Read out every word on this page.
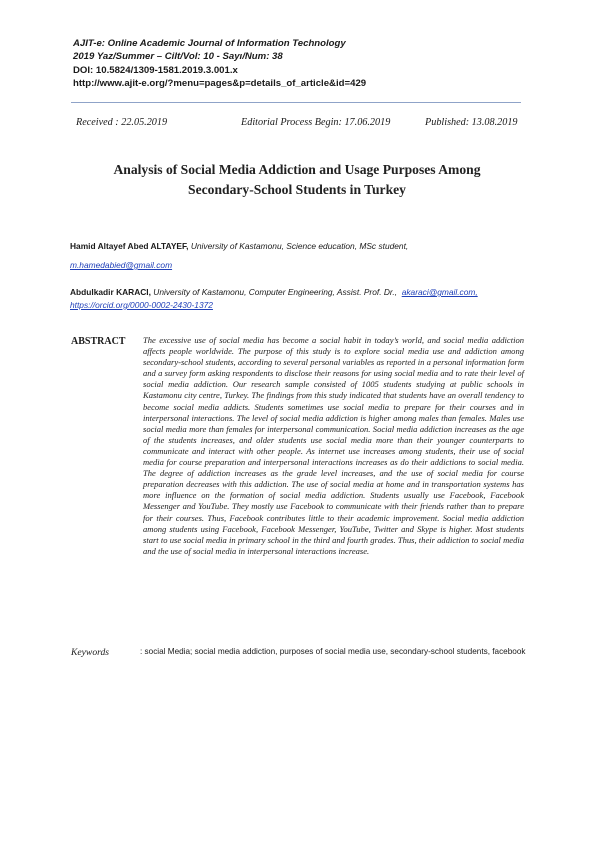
AJIT-e: Online Academic Journal of Information Technology
2019 Yaz/Summer – Cilt/Vol: 10 - Sayı/Num: 38
DOI: 10.5824/1309-1581.2019.3.001.x
http://www.ajit-e.org/?menu=pages&p=details_of_article&id=429
Received : 22.05.2019	Editorial Process Begin: 17.06.2019	Published: 13.08.2019
Analysis of Social Media Addiction and Usage Purposes Among
Secondary-School Students in Turkey
Hamid Altayef Abed ALTAYEF, University of Kastamonu, Science education, MSc student,
m.hamedabied@gmail.com
Abdulkadir KARACI, University of Kastamonu, Computer Engineering, Assist. Prof. Dr., akaraci@gmail.com,
https://orcid.org/0000-0002-2430-1372
ABSTRACT The excessive use of social media has become a social habit in today’s world, and social media addiction affects people worldwide. The purpose of this study is to explore social media use and addiction among secondary-school students, according to several personal variables as reported in a personal information form and a survey form asking respondents to disclose their reasons for using social media and to rate their level of social media addiction. Our research sample consisted of 1005 students studying at public schools in Kastamonu city centre, Turkey. The findings from this study indicated that students have an overall tendency to become social media addicts. Students sometimes use social media to prepare for their courses and in interpersonal interactions. The level of social media addiction is higher among males than females. Males use social media more than females for interpersonal communication. Social media addiction increases as the age of the students increases, and older students use social media more than their younger counterparts to communicate and interact with other people. As internet use increases among students, their use of social media for course preparation and interpersonal interactions increases as do their addictions to social media. The degree of addiction increases as the grade level increases, and the use of social media for course preparation decreases with this addiction. The use of social media at home and in transportation systems has more influence on the formation of social media addiction. Students usually use Facebook, Facebook Messenger and YouTube. They mostly use Facebook to communicate with their friends rather than to prepare for their courses. Thus, Facebook contributes little to their academic improvement. Social media addiction among students using Facebook, Facebook Messenger, YouTube, Twitter and Skype is higher. Most students start to use social media in primary school in the third and fourth grades. Thus, their addiction to social media and the use of social media in interpersonal interactions increase.
Keywords	: social Media; social media addiction, purposes of social media use, secondary-school students, facebook
